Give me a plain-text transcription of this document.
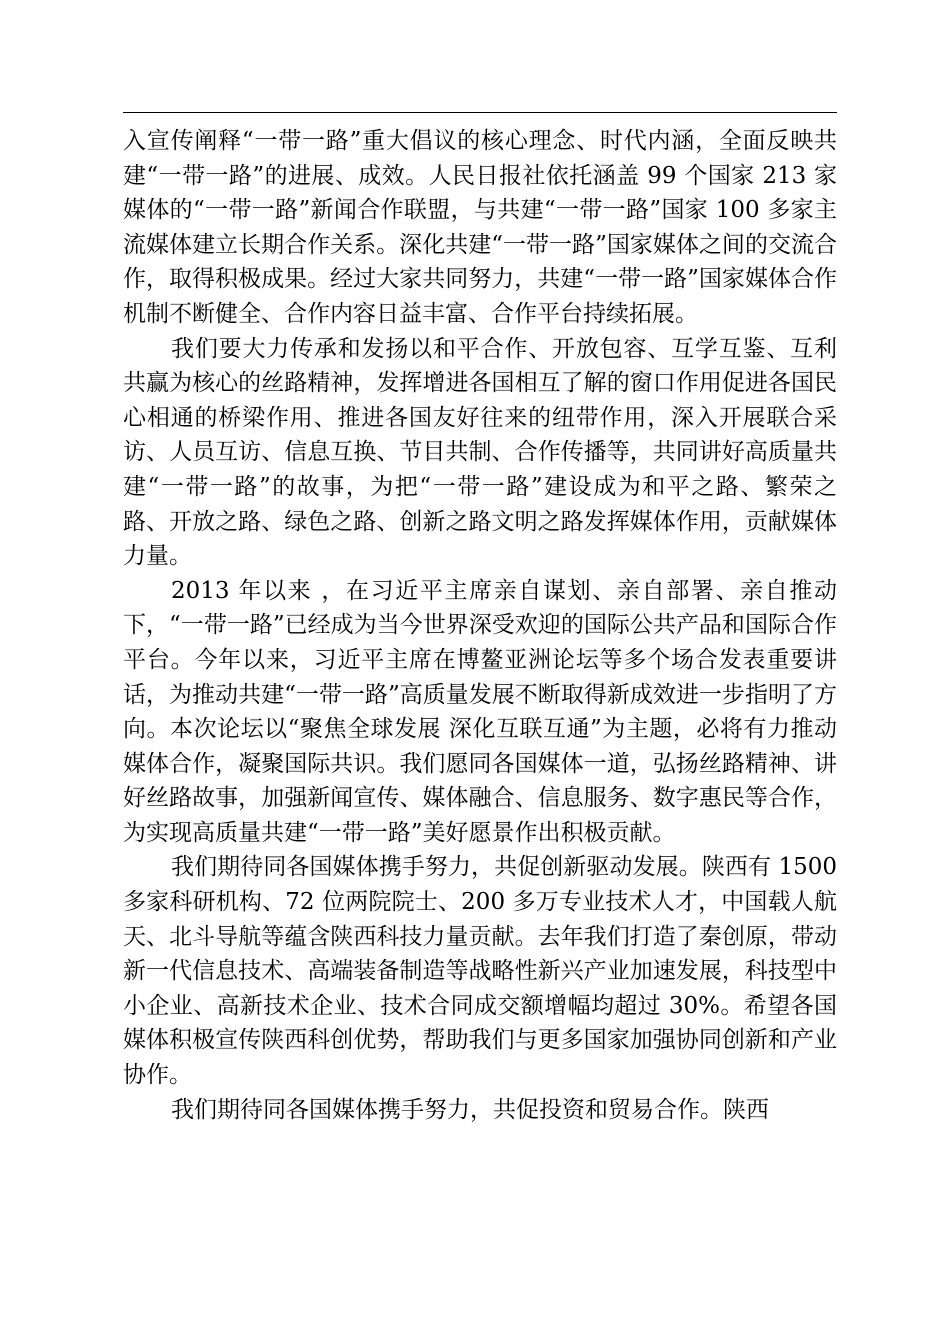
入宣传阐释“一带一路”重大倡议的核心理念、时代内涵，全面反映共建“一带一路”的进展、成效。人民日报社依托涵盖 99 个国家 213 家媒体的“一带一路”新闻合作联盟，与共建“一带一路”国家 100 多家主流媒体建立长期合作关系。深化共建“一带一路”国家媒体之间的交流合作，取得积极成果。经过大家共同努力，共建“一带一路”国家媒体合作机制不断健全、合作内容日益丰富、合作平台持续拓展。

我们要大力传承和发扬以和平合作、开放包容、互学互鉴、互利共赢为核心的丝路精神，发挥增进各国相互了解的窗口作用促进各国民心相通的桥梁作用、推进各国友好往来的纽带作用，深入开展联合采访、人员互访、信息互换、节目共制、合作传播等，共同讲好高质量共建“一带一路”的故事，为把“一带一路”建设成为和平之路、繁荣之路、开放之路、绿色之路、创新之路文明之路发挥媒体作用，贡献媒体力量。

2013 年以来 ，在习近平主席亲自谋划、亲自部署、亲自推动下，“一带一路”已经成为当今世界深受欢迎的国际公共产品和国际合作平台。今年以来，习近平主席在博鳌亚洲论坛等多个场合发表重要讲话，为推动共建“一带一路”高质量发展不断取得新成效进一步指明了方向。本次论坛以“聚焦全球发展 深化互联互通”为主题，必将有力推动媒体合作，凝聚国际共识。我们愿同各国媒体一道，弘扬丝路精神、讲好丝路故事，加强新闻宣传、媒体融合、信息服务、数字惠民等合作，为实现高质量共建“一带一路”美好愿景作出积极贡献。

我们期待同各国媒体携手努力，共促创新驱动发展。陕西有 1500 多家科研机构、72 位两院院士、200 多万专业技术人才，中国载人航天、北斗导航等蕴含陕西科技力量贡献。去年我们打造了秦创原，带动新一代信息技术、高端装备制造等战略性新兴产业加速发展，科技型中小企业、高新技术企业、技术合同成交额增幅均超过 30%。希望各国媒体积极宣传陕西科创优势，帮助我们与更多国家加强协同创新和产业协作。

我们期待同各国媒体携手努力，共促投资和贸易合作。陕西
